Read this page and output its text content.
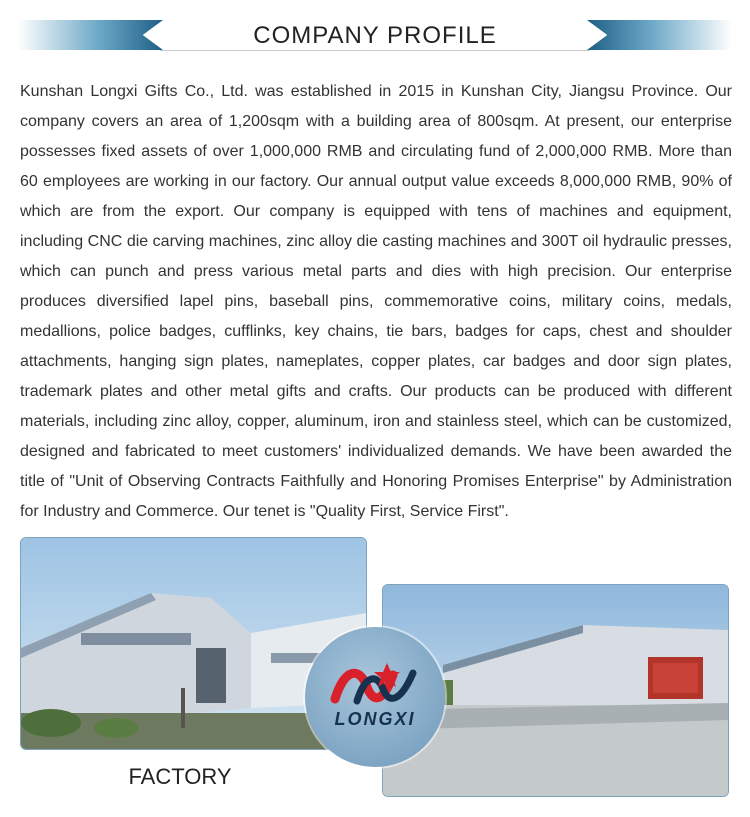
COMPANY PROFILE

Kunshan Longxi Gifts Co., Ltd. was established in 2015 in Kunshan City, Jiangsu Province. Our company covers an area of 1,200sqm with a building area of 800sqm. At present, our enterprise possesses fixed assets of over 1,000,000 RMB and circulating fund of 2,000,000 RMB. More than 60 employees are working in our factory. Our annual output value exceeds 8,000,000 RMB, 90% of which are from the export. Our company is equipped with tens of machines and equipment, including CNC die carving machines, zinc alloy die casting machines and 300T oil hydraulic presses, which can punch and press various metal parts and dies with high precision. Our enterprise produces diversified lapel pins, baseball pins, commemorative coins, military coins, medals, medallions, police badges, cufflinks, key chains, tie bars, badges for caps, chest and shoulder attachments, hanging sign plates, nameplates, copper plates, car badges and door sign plates, trademark plates and other metal gifts and crafts. Our products can be produced with different materials, including zinc alloy, copper, aluminum, iron and stainless steel, which can be customized, designed and fabricated to meet customers' individualized demands. We have been awarded the title of "Unit of Observing Contracts Faithfully and Honoring Promises Enterprise" by Administration for Industry and Commerce. Our tenet is "Quality First, Service First".

FACTORY
LONGXI
